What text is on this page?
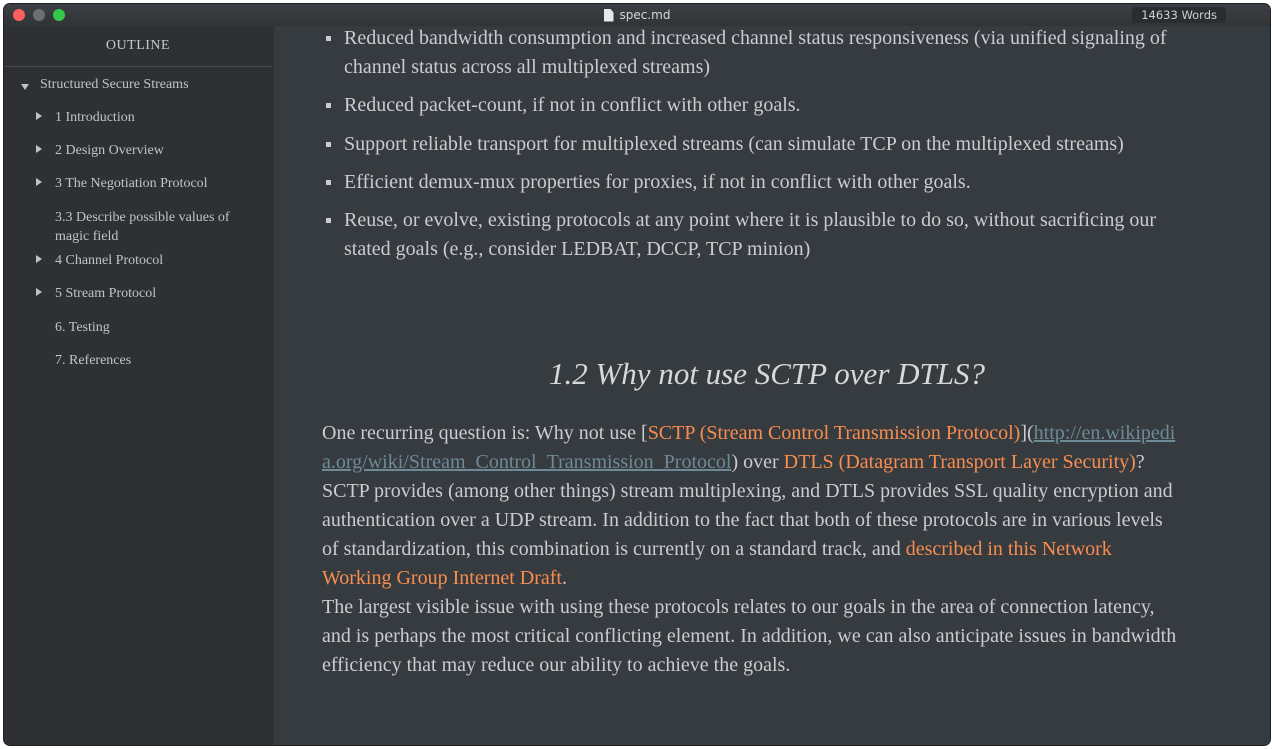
spec.md	14633 Words
OUTLINE
Structured Secure Streams
1 Introduction
2 Design Overview
3 The Negotiation Protocol
3.3 Describe possible values of
magic field
4 Channel Protocol
5 Stream Protocol
6. Testing
7. References
Reduced bandwidth consumption and increased channel status responsiveness (via unified signaling of
channel status across all multiplexed streams)
Reduced packet-count, if not in conflict with other goals.
Support reliable transport for multiplexed streams (can simulate TCP on the multiplexed streams)
Efficient demux-mux properties for proxies, if not in conflict with other goals.
Reuse, or evolve, existing protocols at any point where it is plausible to do so, without sacrificing our
stated goals (e.g., consider LEDBAT, DCCP, TCP minion)
1.2 Why not use SCTP over DTLS?
One recurring question is: Why not use [SCTP (Stream Control Transmission Protocol)](http://en.wikipedi
a.org/wiki/Stream_Control_Transmission_Protocol) over DTLS (Datagram Transport Layer Security)?
SCTP provides (among other things) stream multiplexing, and DTLS provides SSL quality encryption and
authentication over a UDP stream. In addition to the fact that both of these protocols are in various levels
of standardization, this combination is currently on a standard track, and described in this Network
Working Group Internet Draft.
The largest visible issue with using these protocols relates to our goals in the area of connection latency,
and is perhaps the most critical conflicting element. In addition, we can also anticipate issues in bandwidth
efficiency that may reduce our ability to achieve the goals.
